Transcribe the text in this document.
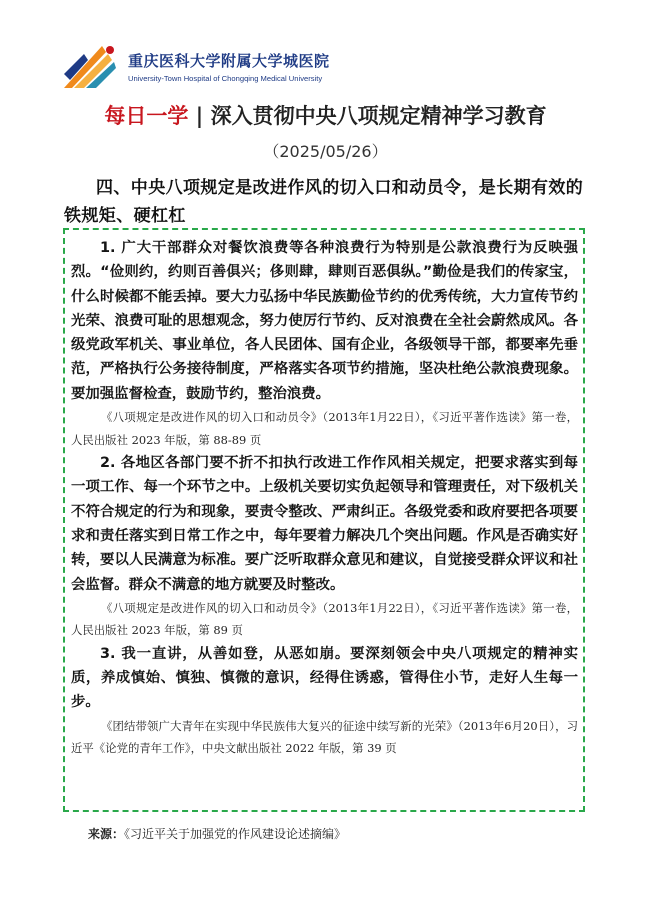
重庆医科大学附属大学城医院
University-Town Hospital of Chongqing Medical University
每日一学 | 深入贯彻中央八项规定精神学习教育
（2025/05/26）
四、中央八项规定是改进作风的切入口和动员令，是长期有效的铁规矩、硬杠杠

1. 广大干部群众对餐饮浪费等各种浪费行为特别是公款浪费行为反映强烈。“俭则约，约则百善俱兴；侈则肆，肆则百恶俱纵。”勤俭是我们的传家宝，什么时候都不能丢掉。要大力弘扬中华民族勤俭节约的优秀传统，大力宣传节约光荣、浪费可耻的思想观念，努力使厉行节约、反对浪费在全社会蔚然成风。各级党政军机关、事业单位，各人民团体、国有企业，各级领导干部，都要率先垂范，严格执行公务接待制度，严格落实各项节约措施，坚决杜绝公款浪费现象。要加强监督检查，鼓励节约，整治浪费。

《八项规定是改进作风的切入口和动员令》（2013年1月22日），《习近平著作选读》第一卷，人民出版社 2023 年版，第 88-89 页

2. 各地区各部门要不折不扣执行改进工作作风相关规定，把要求落实到每一项工作、每一个环节之中。上级机关要切实负起领导和管理责任，对下级机关不符合规定的行为和现象，要责令整改、严肃纠正。各级党委和政府要把各项要求和责任落实到日常工作之中，每年要着力解决几个突出问题。作风是否确实好转，要以人民满意为标准。要广泛听取群众意见和建议，自觉接受群众评议和社会监督。群众不满意的地方就要及时整改。

《八项规定是改进作风的切入口和动员令》（2013年1月22日），《习近平著作选读》第一卷，人民出版社 2023 年版，第 89 页

3. 我一直讲，从善如登，从恶如崩。要深刻领会中央八项规定的精神实质，养成慎始、慎独、慎微的意识，经得住诱惑，管得住小节，走好人生每一步。

《团结带领广大青年在实现中华民族伟大复兴的征途中续写新的光荣》（2013年6月20日），习近平《论党的青年工作》，中央文献出版社 2022 年版，第 39 页

来源：《习近平关于加强党的作风建设论述摘编》
